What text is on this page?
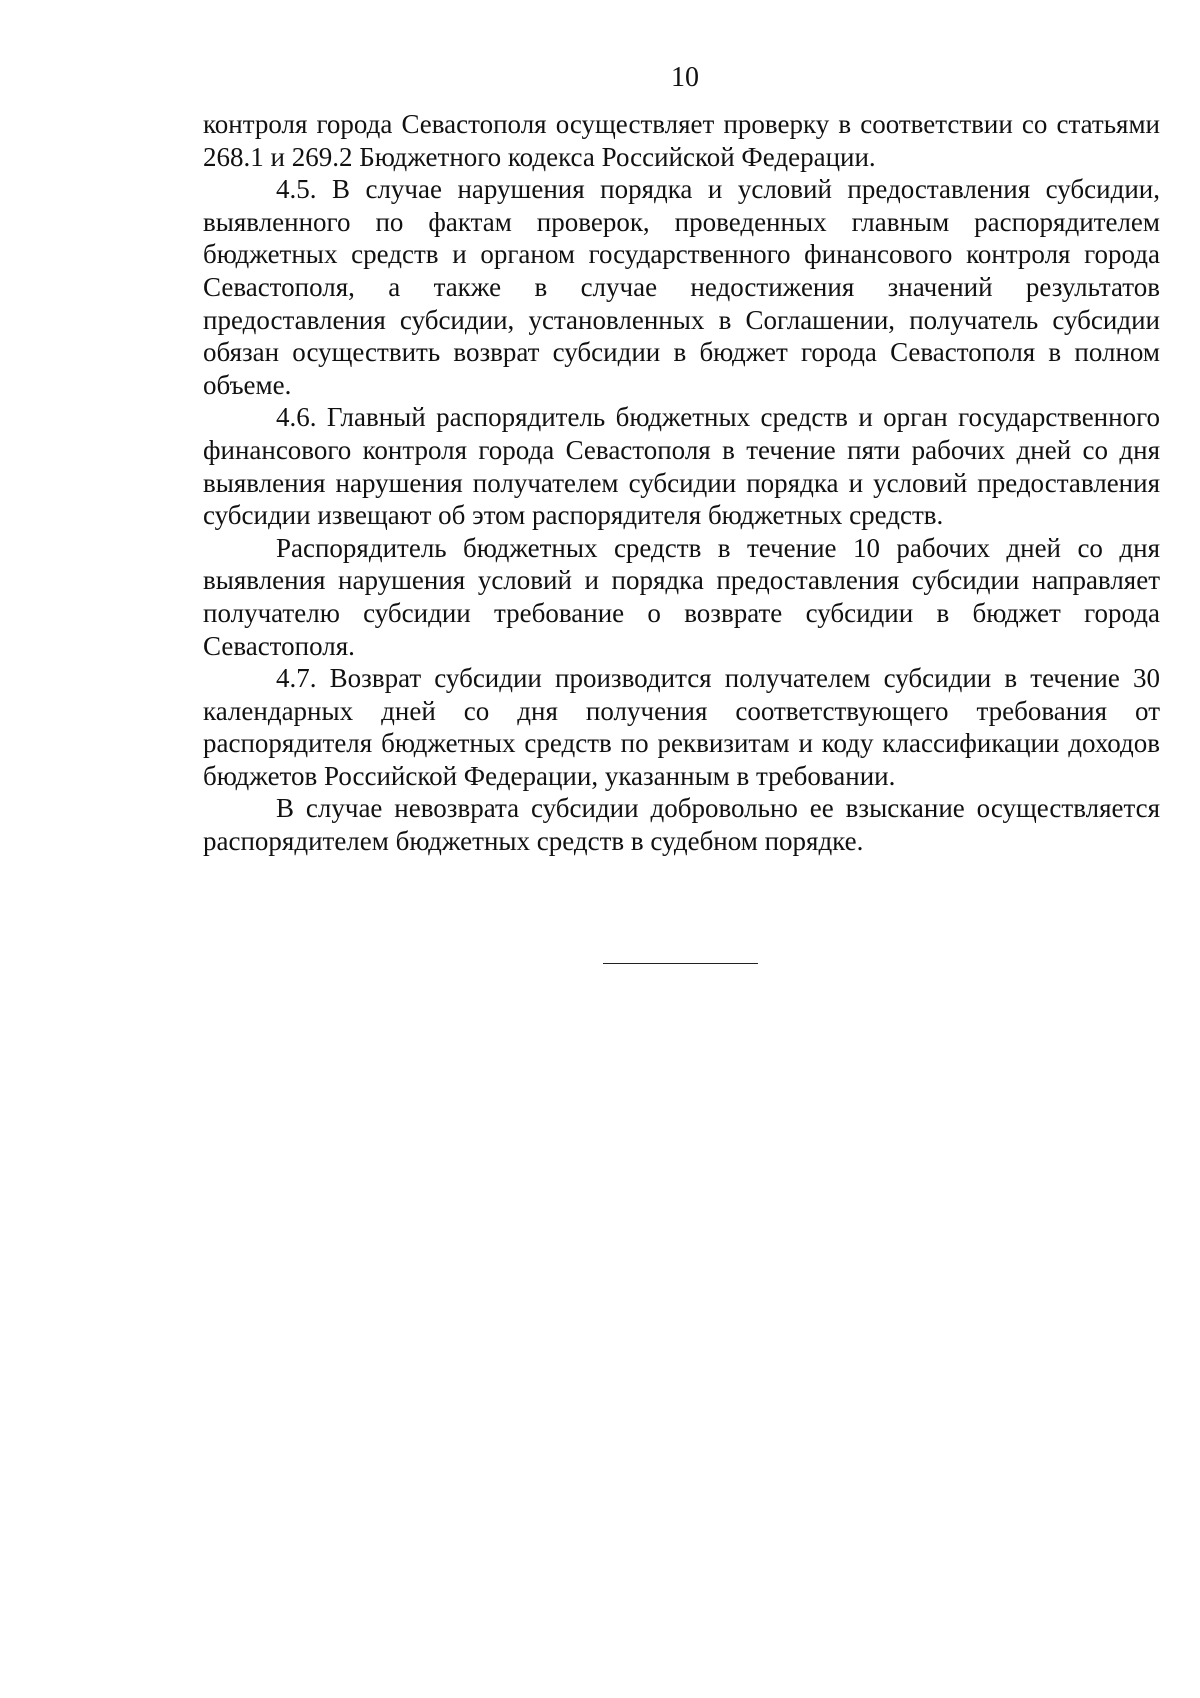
10

контроля города Севастополя осуществляет проверку в соответствии со статьями 268.1 и 269.2 Бюджетного кодекса Российской Федерации.

4.5. В случае нарушения порядка и условий предоставления субсидии, выявленного по фактам проверок, проведенных главным распорядителем бюджетных средств и органом государственного финансового контроля города Севастополя, а также в случае недостижения значений результатов предоставления субсидии, установленных в Соглашении, получатель субсидии обязан осуществить возврат субсидии в бюджет города Севастополя в полном объеме.

4.6. Главный распорядитель бюджетных средств и орган государственного финансового контроля города Севастополя в течение пяти рабочих дней со дня выявления нарушения получателем субсидии порядка и условий предоставления субсидии извещают об этом распорядителя бюджетных средств.

Распорядитель бюджетных средств в течение 10 рабочих дней со дня выявления нарушения условий и порядка предоставления субсидии направляет получателю субсидии требование о возврате субсидии в бюджет города Севастополя.

4.7. Возврат субсидии производится получателем субсидии в течение 30 календарных дней со дня получения соответствующего требования от распорядителя бюджетных средств по реквизитам и коду классификации доходов бюджетов Российской Федерации, указанным в требовании.

В случае невозврата субсидии добровольно ее взыскание осуществляется распорядителем бюджетных средств в судебном порядке.
